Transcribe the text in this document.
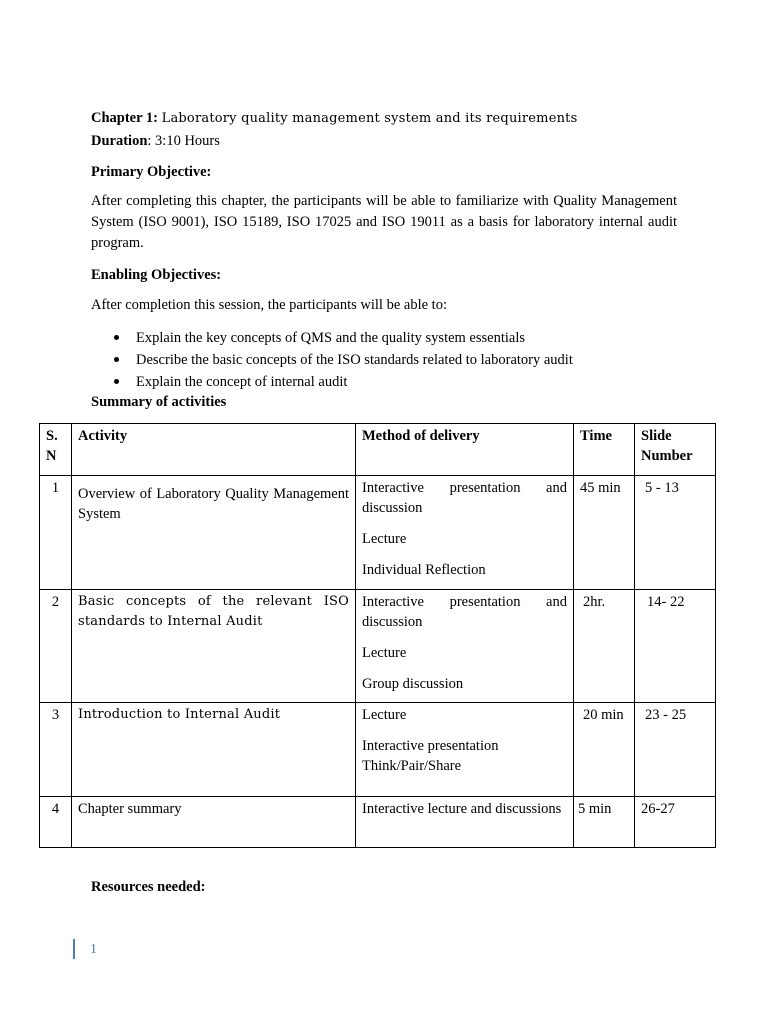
Chapter 1: Laboratory quality management system and its requirements
Duration: 3:10 Hours
Primary Objective:
After completing this chapter, the participants will be able to familiarize with Quality Management System (ISO 9001), ISO 15189, ISO 17025 and ISO 19011 as a basis for laboratory internal audit program.
Enabling Objectives:
After completion this session, the participants will be able to:
Explain the key concepts of QMS and the quality system essentials
Describe the basic concepts of the ISO standards related to laboratory audit
Explain the concept of internal audit
Summary of activities
S. N	Activity	Method of delivery	Time	Slide Number
1	Overview of Laboratory Quality Management System	Interactive presentation and discussion

Lecture

Individual Reflection	45 min	5 - 13
2	Basic concepts of the relevant ISO standards to Internal Audit	Interactive presentation and discussion

Lecture

Group discussion	2hr.	14- 22
3	Introduction to Internal Audit	Lecture

Interactive presentation Think/Pair/Share	20 min	23 - 25
4	Chapter summary	Interactive lecture and discussions	5 min	26-27
Resources needed:
1
